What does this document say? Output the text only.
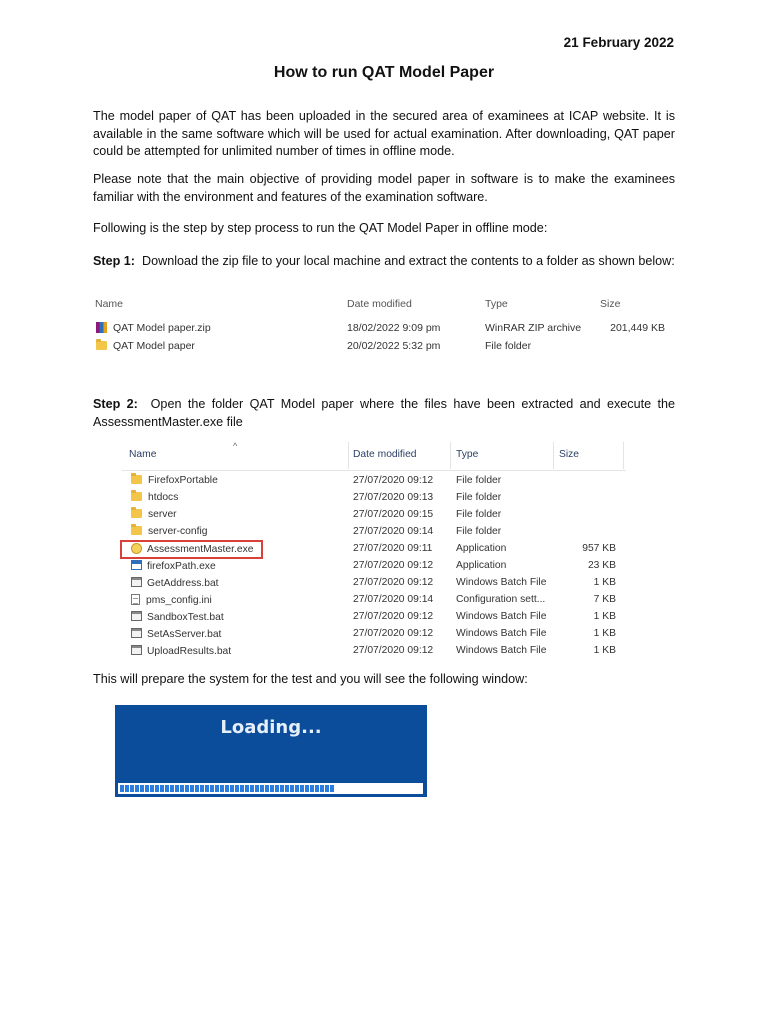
21 February 2022
How to run QAT Model Paper
The model paper of QAT has been uploaded in the secured area of examinees at ICAP website. It is available in the same software which will be used for actual examination. After downloading, QAT paper could be attempted for unlimited number of times in offline mode.
Please note that the main objective of providing model paper in software is to make the examinees familiar with the environment and features of the examination software.
Following is the step by step process to run the QAT Model Paper in offline mode:
Step 1: Download the zip file to your local machine and extract the contents to a folder as shown below:
Name	Date modified	Type	Size
QAT Model paper.zip	18/02/2022 9:09 pm	WinRAR ZIP archive	201,449 KB
QAT Model paper	20/02/2022 5:32 pm	File folder
Step 2: Open the folder QAT Model paper where the files have been extracted and execute the AssessmentMaster.exe file
^
Name	Date modified	Type	Size
FirefoxPortable	27/07/2020 09:12 File folder
htdocs	27/07/2020 09:13 File folder
server	27/07/2020 09:15 File folder
server-config	27/07/2020 09:14 File folder
AssessmentMaster.exe	27/07/2020 09:11 Application	957 KB
firefoxPath.exe	27/07/2020 09:12 Application	23 KB
GetAddress.bat	27/07/2020 09:12 Windows Batch File	1 KB
pms_config.ini	27/07/2020 09:14 Configuration sett...	7 KB
SandboxTest.bat	27/07/2020 09:12 Windows Batch File	1 KB
SetAsServer.bat	27/07/2020 09:12 Windows Batch File	1 KB
UploadResults.bat	27/07/2020 09:12 Windows Batch File	1 KB
This will prepare the system for the test and you will see the following window:
Loading...
